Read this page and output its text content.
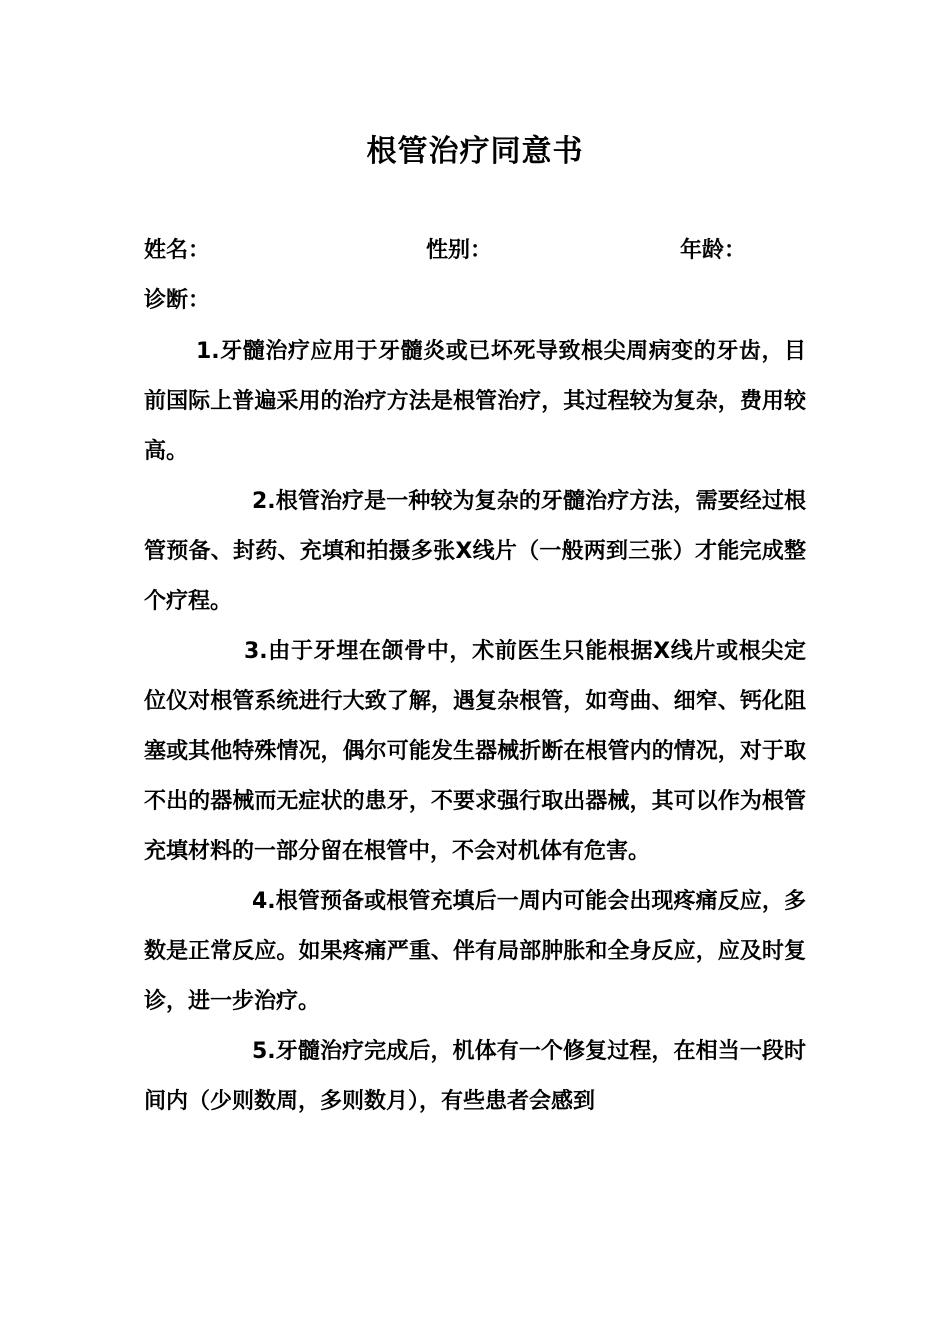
根管治疗同意书
姓名：	性别：	年龄：
诊断：

1.牙髓治疗应用于牙髓炎或已坏死导致根尖周病变的牙齿，目前国际上普遍采用的治疗方法是根管治疗，其过程较为复杂，费用较高。

2.根管治疗是一种较为复杂的牙髓治疗方法，需要经过根管预备、封药、充填和拍摄多张X线片（一般两到三张）才能完成整个疗程。

3.由于牙埋在颌骨中，术前医生只能根据X线片或根尖定位仪对根管系统进行大致了解，遇复杂根管，如弯曲、细窄、钙化阻塞或其他特殊情况，偶尔可能发生器械折断在根管内的情况，对于取不出的器械而无症状的患牙，不要求强行取出器械，其可以作为根管充填材料的一部分留在根管中，不会对机体有危害。

4.根管预备或根管充填后一周内可能会出现疼痛反应，多数是正常反应。如果疼痛严重、伴有局部肿胀和全身反应，应及时复诊，进一步治疗。

5.牙髓治疗完成后，机体有一个修复过程，在相当一段时间内（少则数周，多则数月），有些患者会感到
